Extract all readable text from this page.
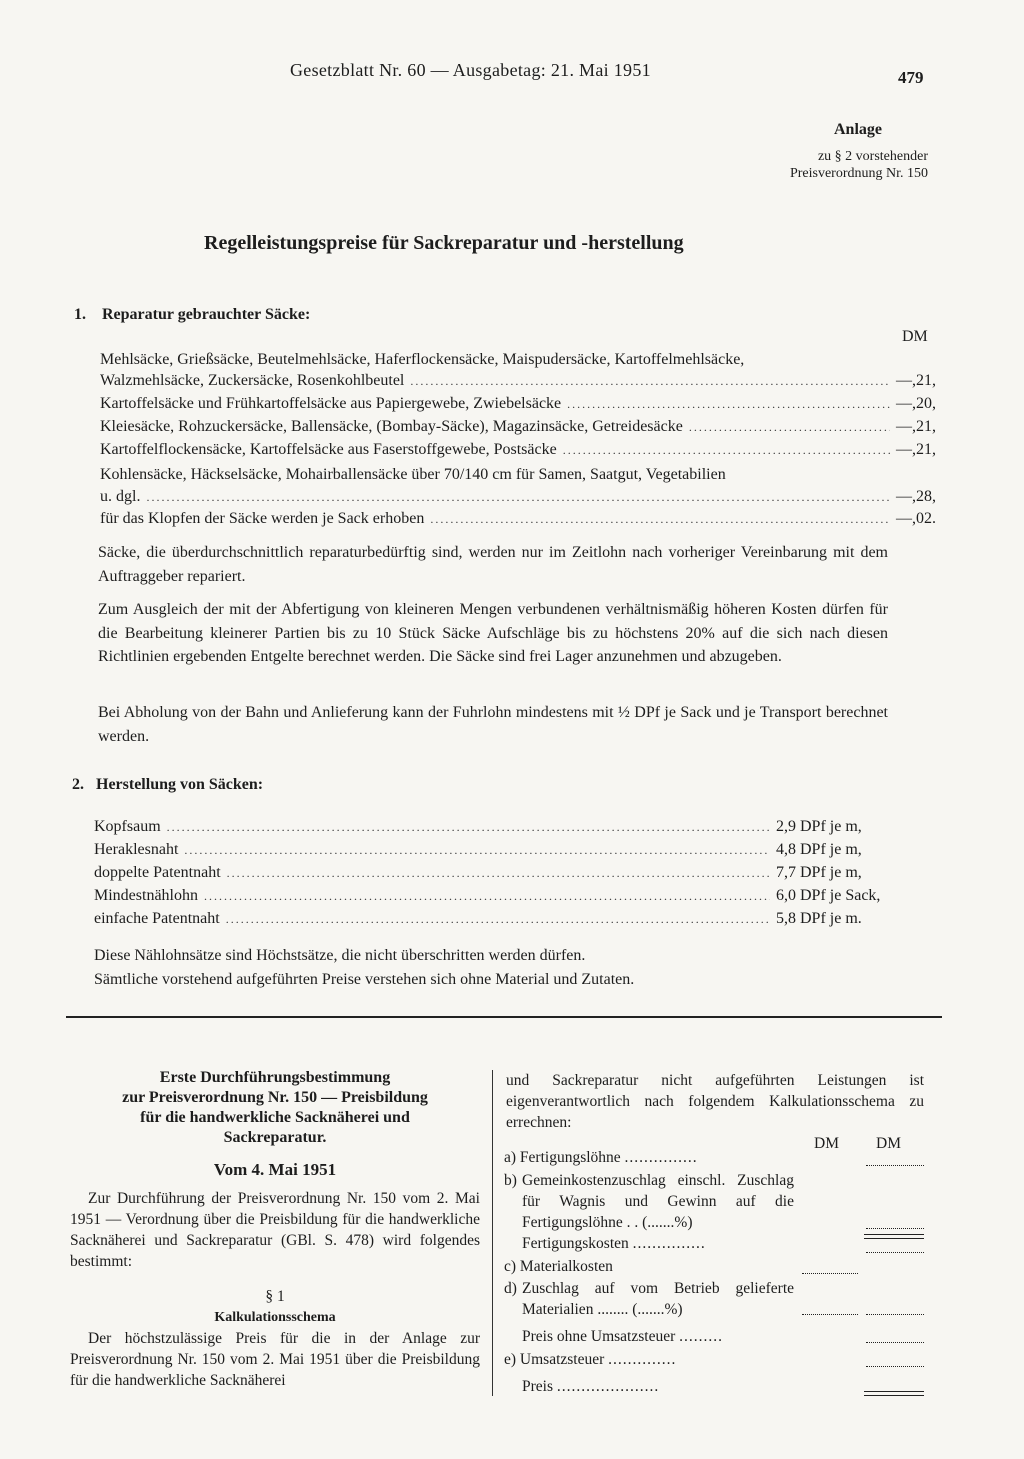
Gesetzblatt Nr. 60 — Ausgabetag: 21. Mai 1951	479
Anlage
zu § 2 vorstehender
Preisverordnung Nr. 150
Regelleistungspreise für Sackreparatur und -herstellung
1. Reparatur gebrauchter Säcke:
DM
Mehlsäcke, Grießsäcke, Beutelmehlsäcke, Haferflockensäcke, Maispudersäcke, Kartoffelmehlsäcke,
Walzmehlsäcke, Zuckersäcke, Rosenkohlbeutel .....	—,21,
Kartoffelsäcke und Frühkartoffelsäcke aus Papiergewebe, Zwiebelsäcke .....	—,20,
Kleiesäcke, Rohzuckersäcke, Ballensäcke, (Bombay-Säcke), Magazinsäcke, Getreidesäcke .....	—,21,
Kartoffelflockensäcke, Kartoffelsäcke aus Faserstoffgewebe, Postsäcke .....	—,21,
Kohlensäcke, Häckselsäcke, Mohairballensäcke über 70/140 cm für Samen, Saatgut, Vegetabilien
u. dgl. .....	—,28,
für das Klopfen der Säcke werden je Sack erhoben .....	—,02.
Säcke, die überdurchschnittlich reparaturbedürftig sind, werden nur im Zeitlohn nach vorheriger Vereinbarung mit dem Auftraggeber repariert.
Zum Ausgleich der mit der Abfertigung von kleineren Mengen verbundenen verhältnismäßig höheren Kosten dürfen für die Bearbeitung kleinerer Partien bis zu 10 Stück Säcke Aufschläge bis zu höchstens 20% auf die sich nach diesen Richtlinien ergebenden Entgelte berechnet werden. Die Säcke sind frei Lager anzunehmen und abzugeben.
Bei Abholung von der Bahn und Anlieferung kann der Fuhrlohn mindestens mit ½ DPf je Sack und je Transport berechnet werden.
2. Herstellung von Säcken:
Kopfsaum .....	2,9 DPf je m,
Heraklesnaht .....	4,8 DPf je m,
doppelte Patentnaht .....	7,7 DPf je m,
Mindestnählohn .....	6,0 DPf je Sack,
einfache Patentnaht .....	5,8 DPf je m.
Diese Nählohnsätze sind Höchstsätze, die nicht überschritten werden dürfen.
Sämtliche vorstehend aufgeführten Preise verstehen sich ohne Material und Zutaten.
Erste Durchführungsbestimmung
zur Preisverordnung Nr. 150 — Preisbildung
für die handwerkliche Sacknäherei und
Sackreparatur.
Vom 4. Mai 1951
Zur Durchführung der Preisverordnung Nr. 150 vom 2. Mai 1951 — Verordnung über die Preisbildung für die handwerkliche Sacknäherei und Sackreparatur (GBl. S. 478) wird folgendes bestimmt:
§ 1
Kalkulationsschema
Der höchstzulässige Preis für die in der Anlage zur Preisverordnung Nr. 150 vom 2. Mai 1951 über die Preisbildung für die handwerkliche Sacknäherei
und Sackreparatur nicht aufgeführten Leistungen ist eigenverantwortlich nach folgendem Kalkulationsschema zu errechnen:
DM DM
a) Fertigungslöhne ...............
b) Gemeinkostenzuschlag einschl. Zuschlag für Wagnis und Gewinn auf die Fertigungslöhne . . (.......%)
Fertigungskosten ...............
c) Materialkosten
d) Zuschlag auf vom Betrieb gelieferte Materialien ........ (.......%)
Preis ohne Umsatzsteuer .........
e) Umsatzsteuer ..............
Preis .....................
